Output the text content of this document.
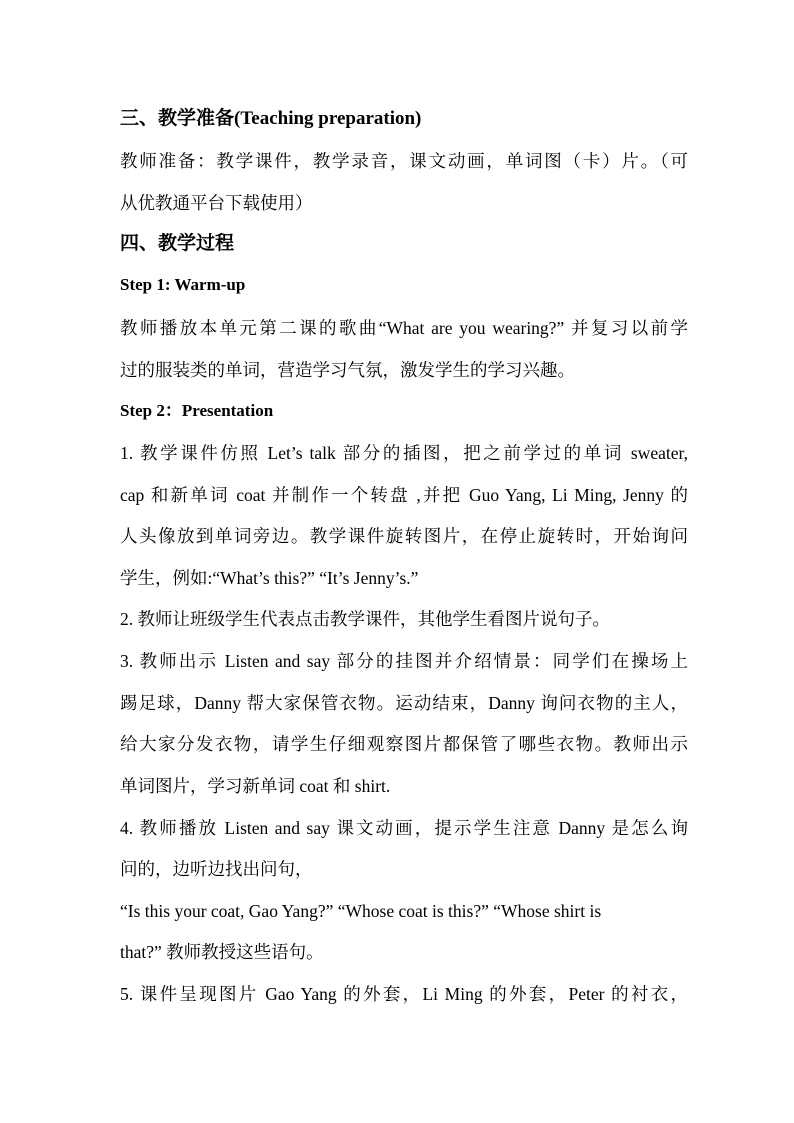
三、教学准备(Teaching preparation)
教师准备：教学课件，教学录音，课文动画，单词图（卡）片。（可
从优教通平台下载使用）
四、教学过程
Step 1: Warm-up
教师播放本单元第二课的歌曲“What are you wearing?” 并复习以前学
过的服装类的单词，营造学习气氛，激发学生的学习兴趣。
Step 2：Presentation
1. 教学课件仿照 Let’s talk 部分的插图，把之前学过的单词 sweater,
cap 和新单词 coat 并制作一个转盘 ,并把 Guo Yang, Li Ming, Jenny 的
人头像放到单词旁边。教学课件旋转图片，在停止旋转时，开始询问
学生，例如:“What’s this?” “It’s Jenny’s.”
2. 教师让班级学生代表点击教学课件，其他学生看图片说句子。
3. 教师出示 Listen and say 部分的挂图并介绍情景：同学们在操场上
踢足球，Danny 帮大家保管衣物。运动结束，Danny 询问衣物的主人，
给大家分发衣物，请学生仔细观察图片都保管了哪些衣物。教师出示
单词图片，学习新单词 coat 和 shirt.
4. 教师播放 Listen and say 课文动画，提示学生注意 Danny 是怎么询
问的，边听边找出问句，
“Is this your coat, Gao Yang?” “Whose coat is this?” “Whose shirt is
that?” 教师教授这些语句。
5. 课件呈现图片 Gao Yang 的外套，Li Ming 的外套，Peter 的衬衣，
